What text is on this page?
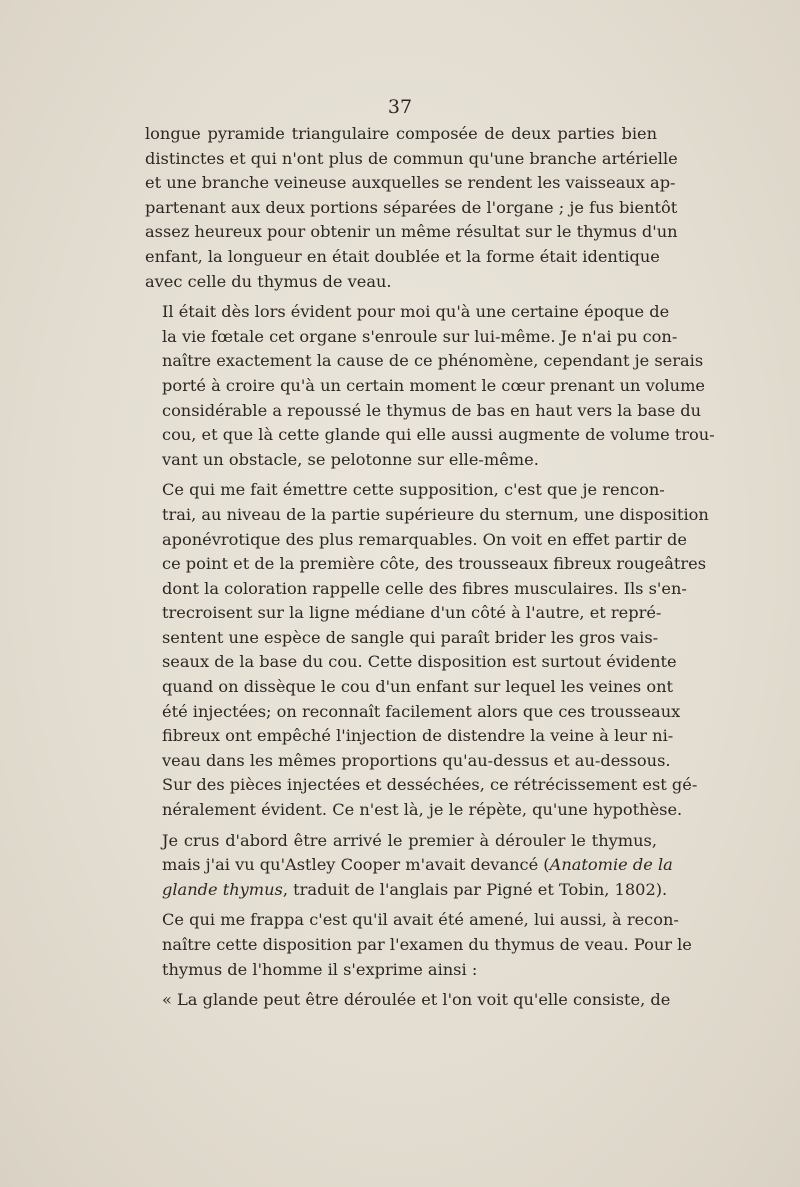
37
longue pyramide triangulaire composée de deux parties bien
distinctes et qui n'ont plus de commun qu'une branche artérielle
et une branche veineuse auxquelles se rendent les vaisseaux ap-
partenant aux deux portions séparées de l'organe ; je fus bientôt
assez heureux pour obtenir un même résultat sur le thymus d'un
enfant, la longueur en était doublée et la forme était identique
avec celle du thymus de veau.
Il était dès lors évident pour moi qu'à une certaine époque de
la vie fœtale cet organe s'enroule sur lui-même. Je n'ai pu con-
naître exactement la cause de ce phénomène, cependant je serais
porté à croire qu'à un certain moment le cœur prenant un volume
considérable a repoussé le thymus de bas en haut vers la base du
cou, et que là cette glande qui elle aussi augmente de volume trou-
vant un obstacle, se pelotonne sur elle-même.
Ce qui me fait émettre cette supposition, c'est que je rencon-
trai, au niveau de la partie supérieure du sternum, une disposition
aponévrotique des plus remarquables. On voit en effet partir de
ce point et de la première côte, des trousseaux fibreux rougeâtres
dont la coloration rappelle celle des fibres musculaires. Ils s'en-
trecroisent sur la ligne médiane d'un côté à l'autre, et repré-
sentent une espèce de sangle qui paraît brider les gros vais-
seaux de la base du cou. Cette disposition est surtout évidente
quand on dissèque le cou d'un enfant sur lequel les veines ont
été injectées; on reconnaît facilement alors que ces trousseaux
fibreux ont empêché l'injection de distendre la veine à leur ni-
veau dans les mêmes proportions qu'au-dessus et au-dessous.
Sur des pièces injectées et desséchées, ce rétrécissement est gé-
néralement évident. Ce n'est là, je le répète, qu'une hypothèse.
Je crus d'abord être arrivé le premier à dérouler le thymus,
mais j'ai vu qu'Astley Cooper m'avait devancé (Anatomie de la
glande thymus, traduit de l'anglais par Pigné et Tobin, 1802).
Ce qui me frappa c'est qu'il avait été amené, lui aussi, à recon-
naître cette disposition par l'examen du thymus de veau. Pour le
thymus de l'homme il s'exprime ainsi :
« La glande peut être déroulée et l'on voit qu'elle consiste, de
